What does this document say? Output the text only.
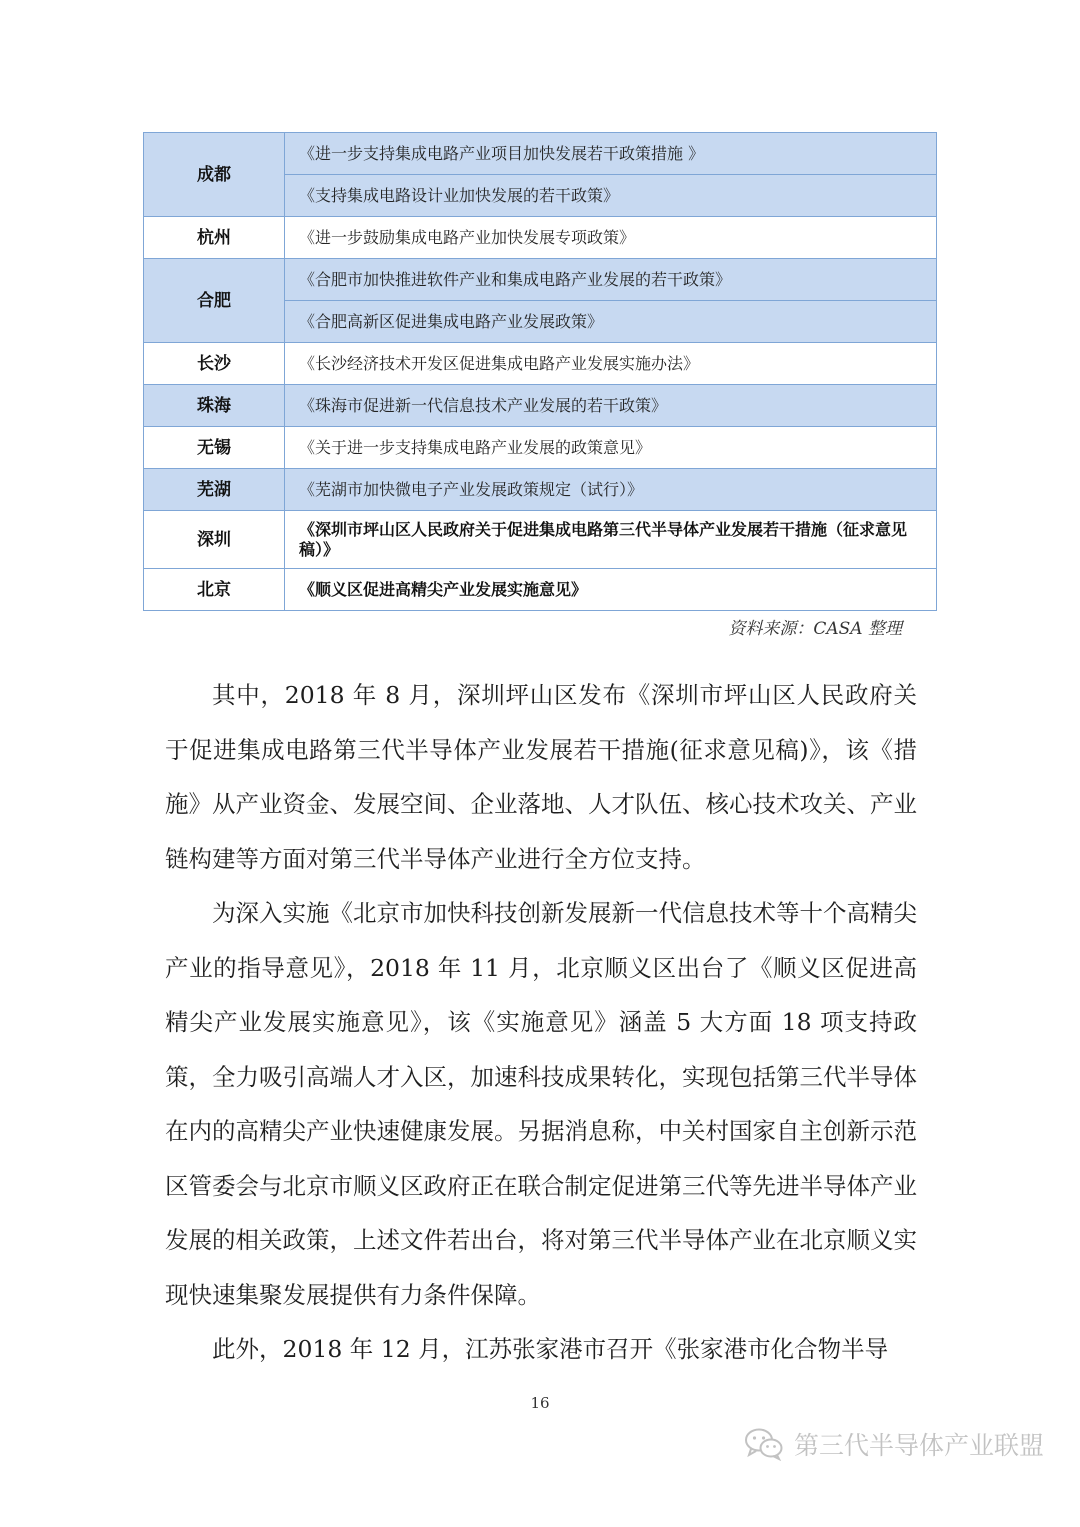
成都	《进一步支持集成电路产业项目加快发展若干政策措施 》
	《支持集成电路设计业加快发展的若干政策》
杭州	《进一步鼓励集成电路产业加快发展专项政策》
合肥	《合肥市加快推进软件产业和集成电路产业发展的若干政策》
	《合肥高新区促进集成电路产业发展政策》
长沙	《长沙经济技术开发区促进集成电路产业发展实施办法》
珠海	《珠海市促进新一代信息技术产业发展的若干政策》
无锡	《关于进一步支持集成电路产业发展的政策意见》
芜湖	《芜湖市加快微电子产业发展政策规定（试行）》
深圳	《深圳市坪山区人民政府关于促进集成电路第三代半导体产业发展若干措施（征求意见稿）》
北京	《顺义区促进高精尖产业发展实施意见》
资料来源：CASA 整理

其中，2018 年 8 月，深圳坪山区发布《深圳市坪山区人民政府关于促进集成电路第三代半导体产业发展若干措施(征求意见稿)》，该《措施》从产业资金、发展空间、企业落地、人才队伍、核心技术攻关、产业链构建等方面对第三代半导体产业进行全方位支持。

为深入实施《北京市加快科技创新发展新一代信息技术等十个高精尖产业的指导意见》，2018 年 11 月，北京顺义区出台了《顺义区促进高精尖产业发展实施意见》，该《实施意见》涵盖 5 大方面 18 项支持政策，全力吸引高端人才入区，加速科技成果转化，实现包括第三代半导体在内的高精尖产业快速健康发展。另据消息称，中关村国家自主创新示范区管委会与北京市顺义区政府正在联合制定促进第三代等先进半导体产业发展的相关政策，上述文件若出台，将对第三代半导体产业在北京顺义实现快速集聚发展提供有力条件保障。

此外，2018 年 12 月，江苏张家港市召开《张家港市化合物半导

16
第三代半导体产业联盟
